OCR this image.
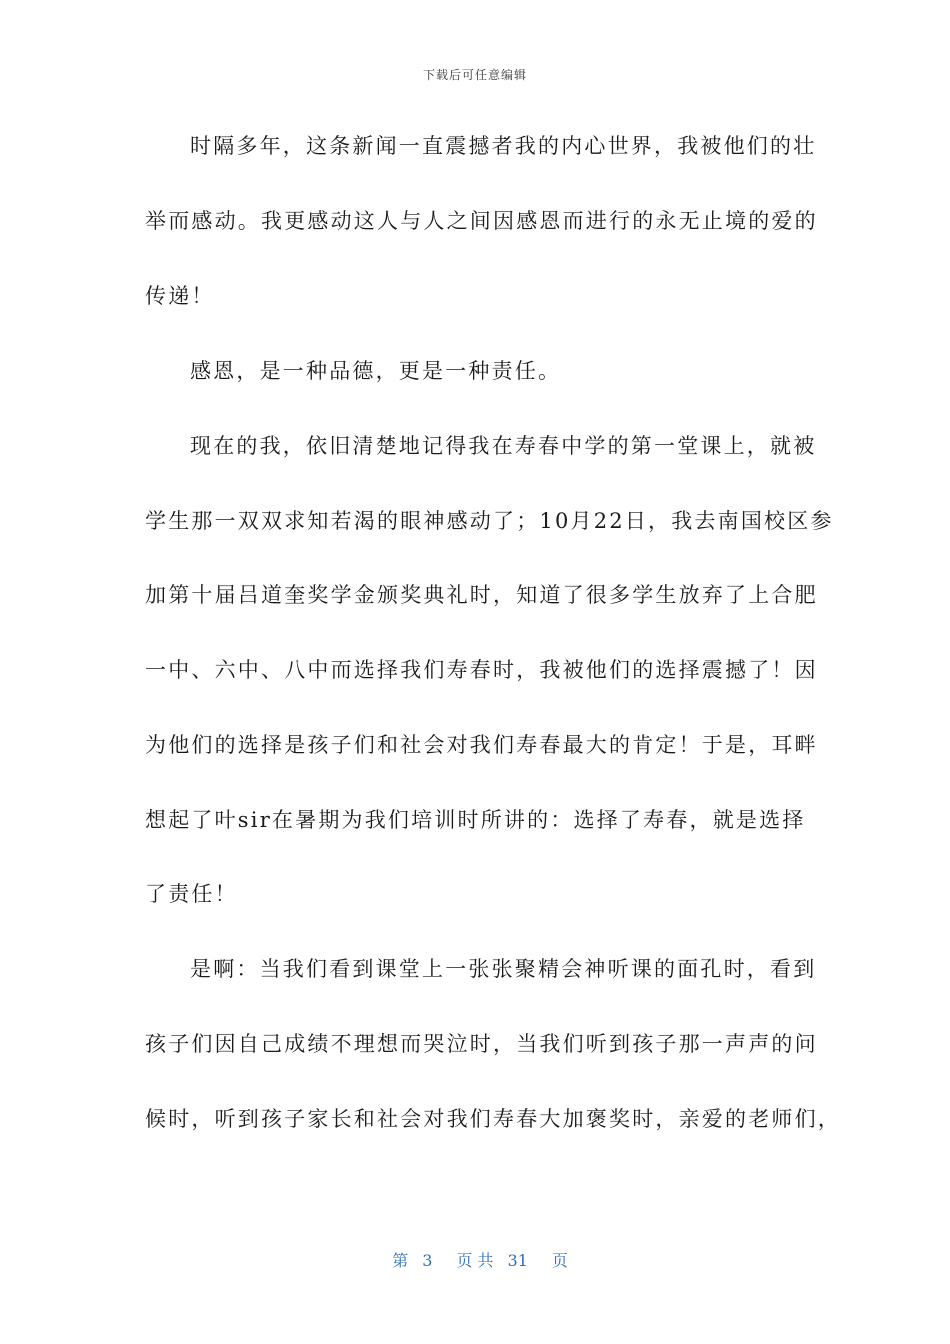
下载后可任意编辑
时隔多年，这条新闻一直震撼者我的内心世界，我被他们的壮
举而感动。我更感动这人与人之间因感恩而进行的永无止境的爱的
传递！
感恩，是一种品德，更是一种责任。
现在的我，依旧清楚地记得我在寿春中学的第一堂课上，就被
学生那一双双求知若渴的眼神感动了；10月22日，我去南国校区参
加第十届吕道奎奖学金颁奖典礼时，知道了很多学生放弃了上合肥
一中、六中、八中而选择我们寿春时，我被他们的选择震撼了！因
为他们的选择是孩子们和社会对我们寿春最大的肯定！于是，耳畔
想起了叶sir在暑期为我们培训时所讲的：选择了寿春，就是选择
了责任！
是啊：当我们看到课堂上一张张聚精会神听课的面孔时，看到
孩子们因自己成绩不理想而哭泣时，当我们听到孩子那一声声的问
候时，听到孩子家长和社会对我们寿春大加褒奖时，亲爱的老师们，

第 3 页 共 31 页
